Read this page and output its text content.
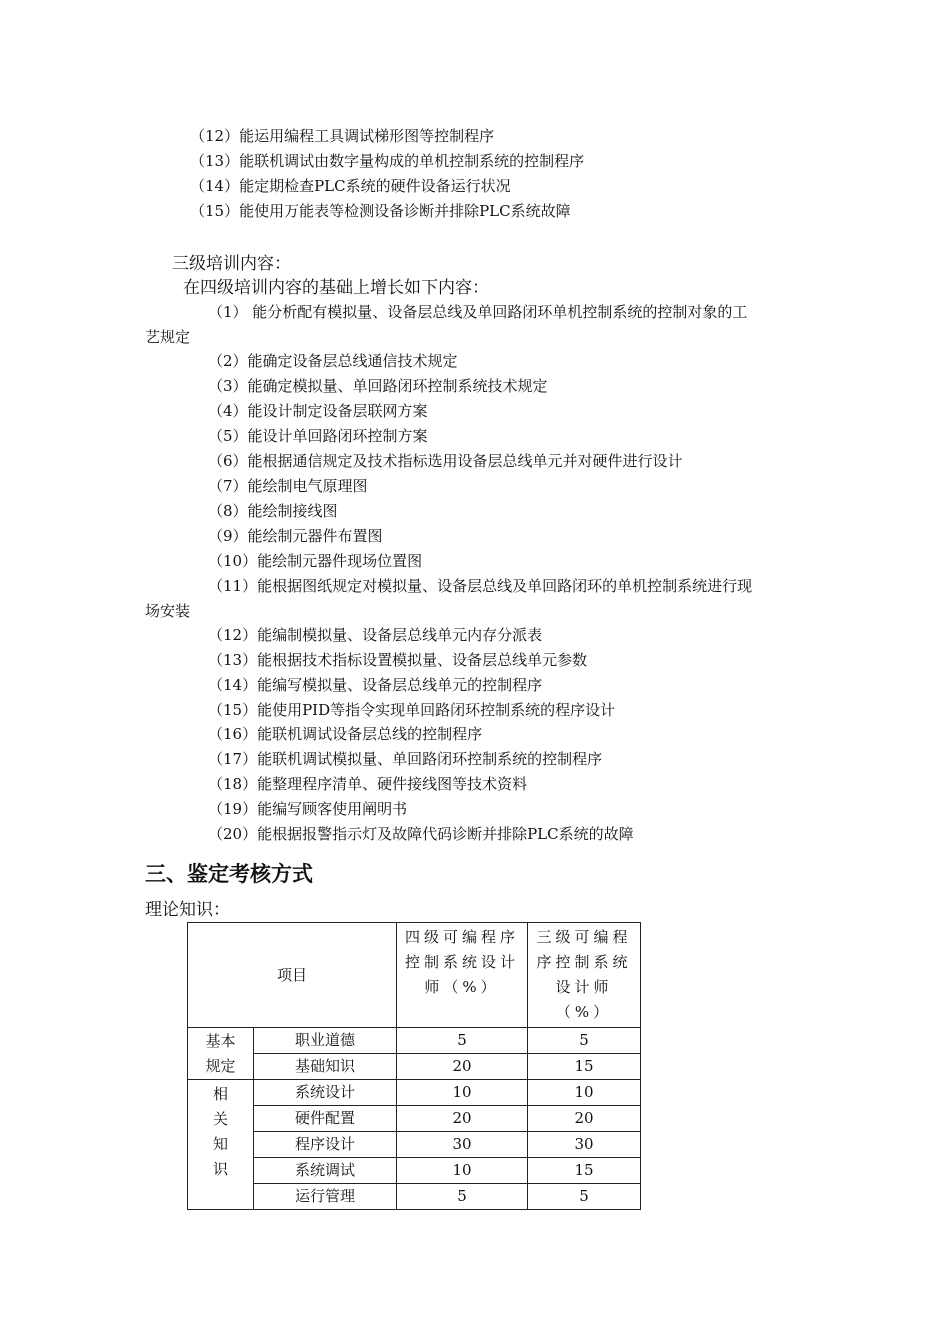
（12）能运用编程工具调试梯形图等控制程序
（13）能联机调试由数字量构成的单机控制系统的控制程序
（14）能定期检查PLC系统的硬件设备运行状况
（15）能使用万能表等检测设备诊断并排除PLC系统故障
三级培训内容：
在四级培训内容的基础上增长如下内容：
（1） 能分析配有模拟量、设备层总线及单回路闭环单机控制系统的控制对象的工
艺规定
（2）能确定设备层总线通信技术规定
（3）能确定模拟量、单回路闭环控制系统技术规定
（4）能设计制定设备层联网方案
（5）能设计单回路闭环控制方案
（6）能根据通信规定及技术指标选用设备层总线单元并对硬件进行设计
（7）能绘制电气原理图
（8）能绘制接线图
（9）能绘制元器件布置图
（10）能绘制元器件现场位置图
（11）能根据图纸规定对模拟量、设备层总线及单回路闭环的单机控制系统进行现
场安装
（12）能编制模拟量、设备层总线单元内存分派表
（13）能根据技术指标设置模拟量、设备层总线单元参数
（14）能编写模拟量、设备层总线单元的控制程序
（15）能使用PID等指令实现单回路闭环控制系统的程序设计
（16）能联机调试设备层总线的控制程序
（17）能联机调试模拟量、单回路闭环控制系统的控制程序
（18）能整理程序清单、硬件接线图等技术资料
（19）能编写顾客使用阐明书
（20）能根据报警指示灯及故障代码诊断并排除PLC系统的故障
三、鉴定考核方式
理论知识：
项目		四级可编程序控制系统设计师（%）	三级可编程序控制系统设计师（%）

基本规定	职业道德	5	5
	基础知识	20	15

相关知识	系统设计	10	10
	硬件配置	20	20
	程序设计	30	30
	系统调试	10	15
	运行管理	5	5
